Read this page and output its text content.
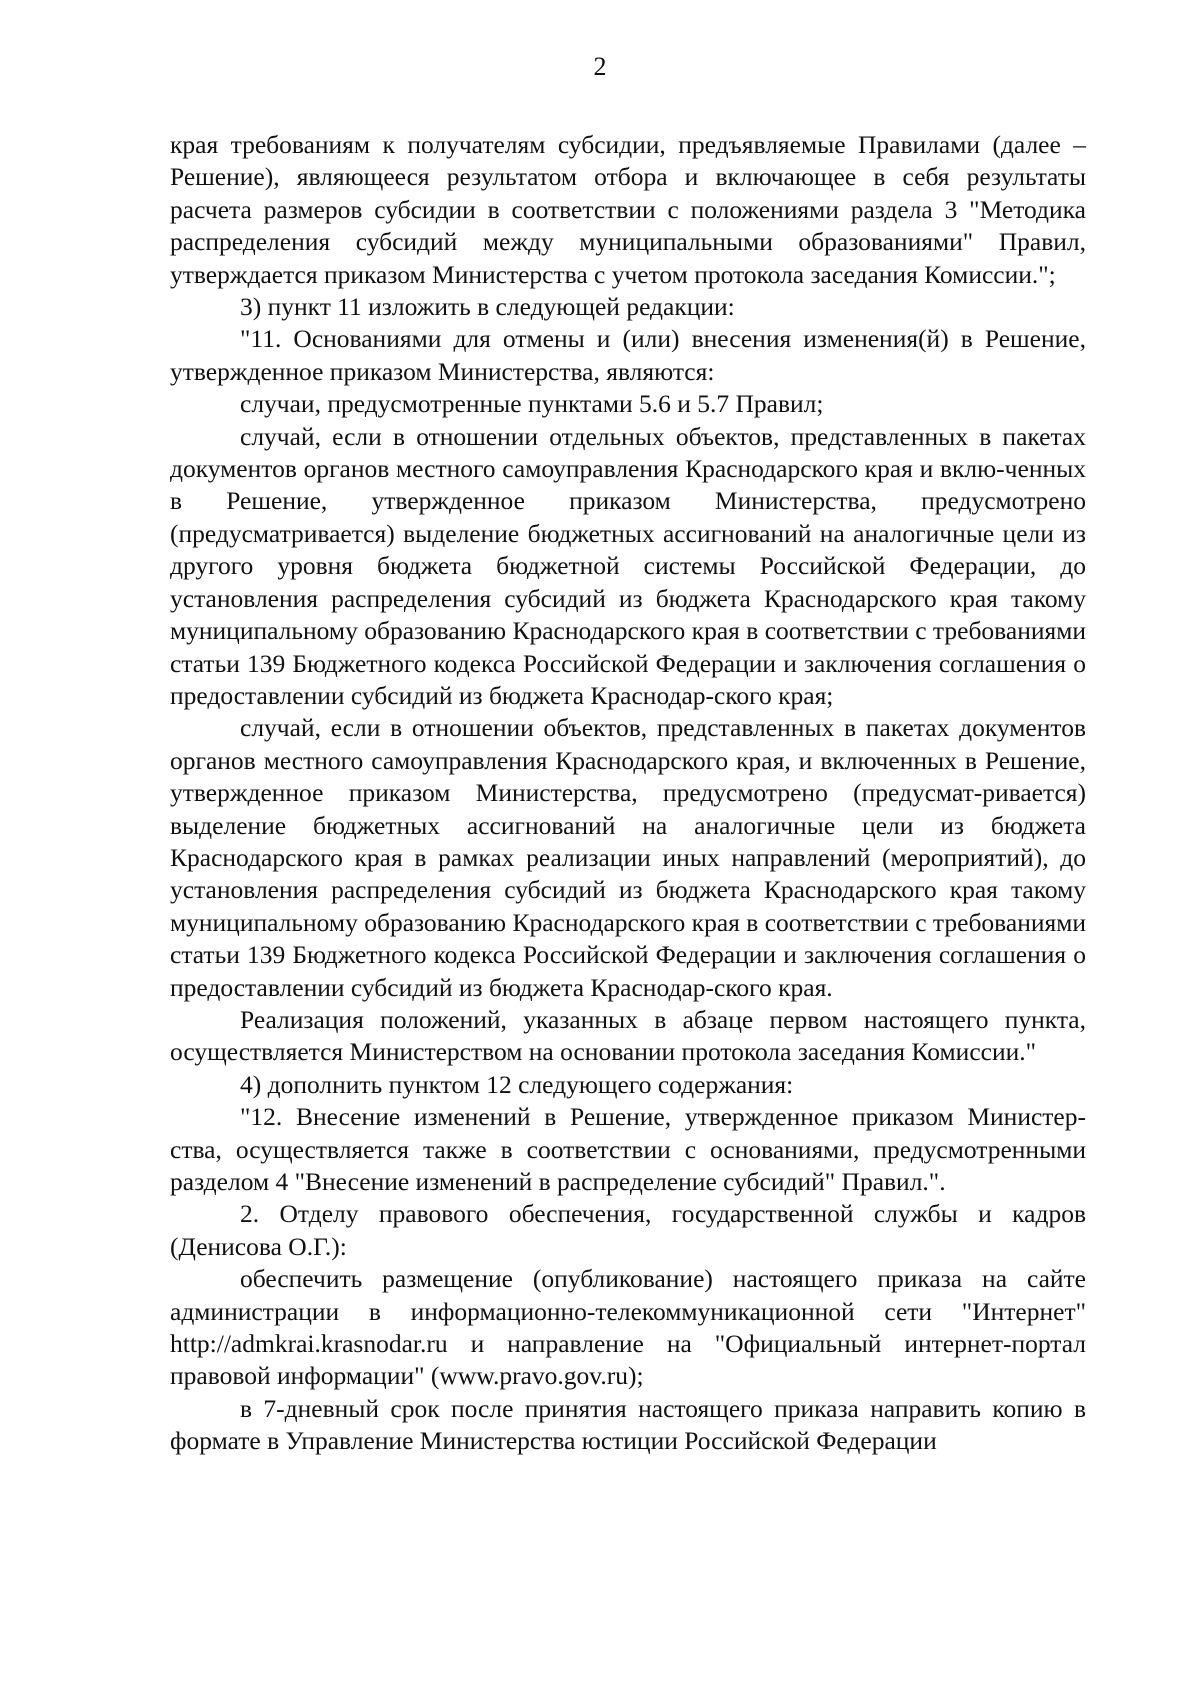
2

края требованиям к получателям субсидии, предъявляемые Правилами (далее – Решение), являющееся результатом отбора и включающее в себя результаты расчета размеров субсидии в соответствии с положениями раздела 3 "Методика распределения субсидий между муниципальными образованиями" Правил, утверждается приказом Министерства с учетом протокола заседания Комиссии.";

3) пункт 11 изложить в следующей редакции:

"11. Основаниями для отмены и (или) внесения изменения(й) в Решение, утвержденное приказом Министерства, являются:

случаи, предусмотренные пунктами 5.6 и 5.7 Правил;

случай, если в отношении отдельных объектов, представленных в пакетах документов органов местного самоуправления Краснодарского края и вклю-ченных в Решение, утвержденное приказом Министерства, предусмотрено (предусматривается) выделение бюджетных ассигнований на аналогичные цели из другого уровня бюджета бюджетной системы Российской Федерации, до установления распределения субсидий из бюджета Краснодарского края такому муниципальному образованию Краснодарского края в соответствии с требованиями статьи 139 Бюджетного кодекса Российской Федерации и заключения соглашения о предоставлении субсидий из бюджета Краснодар-ского края;

случай, если в отношении объектов, представленных в пакетах документов органов местного самоуправления Краснодарского края, и включенных в Решение, утвержденное приказом Министерства, предусмотрено (предусмат-ривается) выделение бюджетных ассигнований на аналогичные цели из бюджета Краснодарского края в рамках реализации иных направлений (мероприятий), до установления распределения субсидий из бюджета Краснодарского края такому муниципальному образованию Краснодарского края в соответствии с требованиями статьи 139 Бюджетного кодекса Российской Федерации и заключения соглашения о предоставлении субсидий из бюджета Краснодар-ского края.

Реализация положений, указанных в абзаце первом настоящего пункта, осуществляется Министерством на основании протокола заседания Комиссии."

4) дополнить пунктом 12 следующего содержания:

"12. Внесение изменений в Решение, утвержденное приказом Министер-ства, осуществляется также в соответствии с основаниями, предусмотренными разделом 4 "Внесение изменений в распределение субсидий" Правил.".

2. Отделу правового обеспечения, государственной службы и кадров (Денисова О.Г.):

обеспечить размещение (опубликование) настоящего приказа на сайте администрации в информационно-телекоммуникационной сети "Интернет" http://admkrai.krasnodar.ru и направление на "Официальный интернет-портал правовой информации" (www.pravo.gov.ru);

в 7-дневный срок после принятия настоящего приказа направить копию в формате в Управление Министерства юстиции Российской Федерации
